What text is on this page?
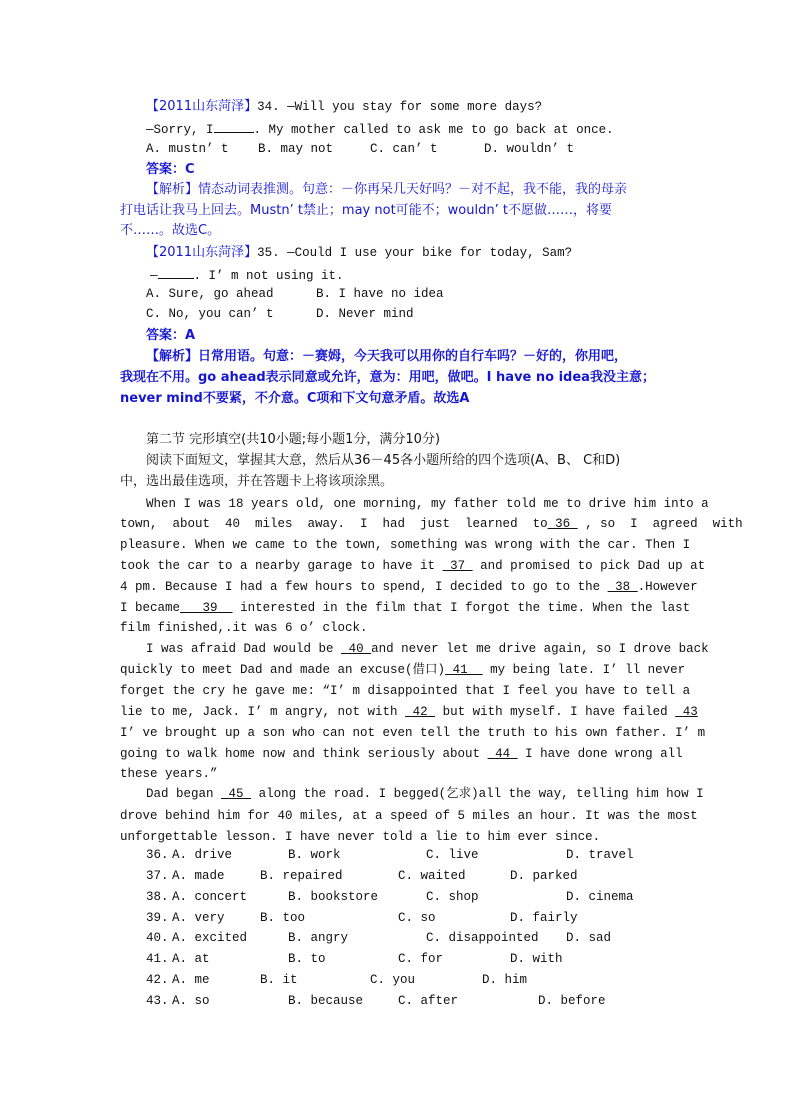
【2011山东菏泽】34. —Will you stay for some more days?
—Sorry, I	. My mother called to ask me to go back at once.
A. mustn’ t B. may not	C. can’ t	D. wouldn’ t
答案：C
【解析】情态动词表推测。句意：－你再呆几天好吗？－对不起，我不能，我的母亲
打电话让我马上回去。Mustn’ t禁止；may not可能不；wouldn’ t不愿做……，将要
不……。故选C。
【2011山东菏泽】35. —Could I use your bike for today, Sam?
—	. I’ m not using it.
A. Sure, go ahead	B. I have no idea
C. No, you can’ t	D. Never mind
答案：A
【解析】日常用语。句意：－赛姆，今天我可以用你的自行车吗？－好的，你用吧，
我现在不用。go ahead表示同意或允许，意为：用吧，做吧。I have no idea我没主意；
never mind不要紧，不介意。C项和下文句意矛盾。故选A
第二节 完形填空(共10小题;每小题1分，满分10分)
阅读下面短文，掌握其大意，然后从36－45各小题所给的四个选项(A、B、 C和D)
中，选出最佳选项，并在答题卡上将该项涂黑。
When I was 18 years old, one morning, my father told me to drive him into a
town,  about  40  miles  away.  I  had  just  learned  to 36  , so  I  agreed  with
pleasure. When we came to the town, something was wrong with the car. Then I
took the car to a nearby garage to have it 37 and promised to pick Dad up at
4 pm. Because I had a few hours to spend, I decided to go to the 38 .However
I became 39 interested in the film that I forgot the time. When the last
film finished,.it was 6 o’ clock.
I was afraid Dad would be 40 and never let me drive again, so I drove back
quickly to meet Dad and made an excuse(借口) 41 my being late. I’ ll never
forget the cry he gave me: “I’ m disappointed that I feel you have to tell a
lie to me, Jack. I’ m angry, not with 42 but with myself. I have failed 43
I’ ve brought up a son who can not even tell the truth to his own father. I’ m
going to walk home now and think seriously about 44 I have done wrong all
these years.”
Dad began 45 along the road. I begged(乞求)all the way, telling him how I
drove behind him for 40 miles, at a speed of 5 miles an hour. It was the most
unforgettable lesson. I have never told a lie to him ever since.
36. A. drive	B. work	C. live	D. travel
37. A. made	B. repaired	C. waited	D. parked
38. A. concert	B. bookstore	C. shop	D. cinema
39. A. very	B. too	C. so	D. fairly
40. A. excited	B. angry	C. disappointed D. sad
41. A. at	B. to	C. for	D. with
42. A. me	B. it	C. you	D. him
43. A. so	B. because	C. after	D. before
